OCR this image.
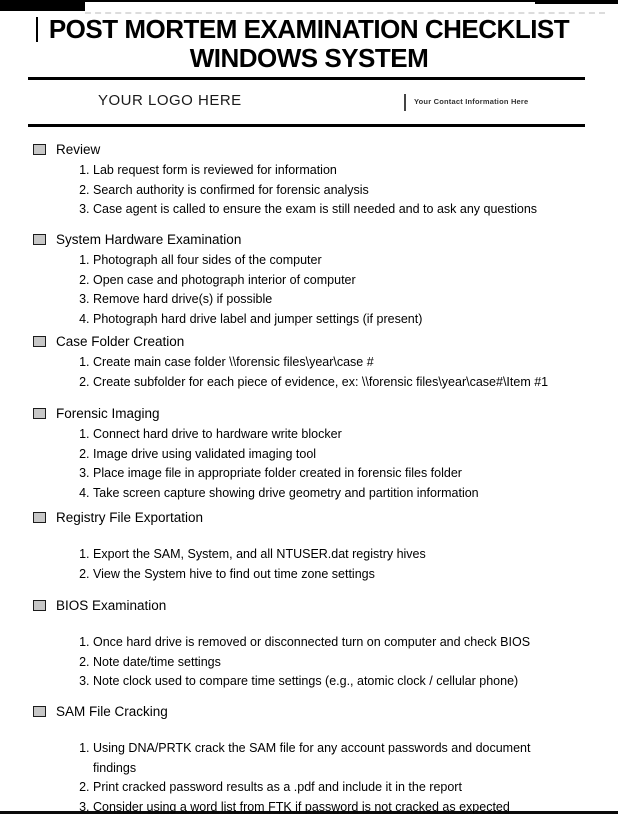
POST MORTEM EXAMINATION CHECKLIST
WINDOWS SYSTEM
YOUR LOGO HERE	Your Contact Information Here
Review
1. Lab request form is reviewed for information
2. Search authority is confirmed for forensic analysis
3. Case agent is called to ensure the exam is still needed and to ask any questions
System Hardware Examination
1. Photograph all four sides of the computer
2. Open case and photograph interior of computer
3. Remove hard drive(s) if possible
4. Photograph hard drive label and jumper settings (if present)
Case Folder Creation
1. Create main case folder \\forensic files\year\case #
2. Create subfolder for each piece of evidence, ex: \\forensic files\year\case#\Item #1
Forensic Imaging
1. Connect hard drive to hardware write blocker
2. Image drive using validated imaging tool
3. Place image file in appropriate folder created in forensic files folder
4. Take screen capture showing drive geometry and partition information
Registry File Exportation
1. Export the SAM, System, and all NTUSER.dat registry hives
2. View the System hive to find out time zone settings
BIOS Examination
1. Once hard drive is removed or disconnected turn on computer and check BIOS
2. Note date/time settings
3. Note clock used to compare time settings (e.g., atomic clock / cellular phone)
SAM File Cracking
1. Using DNA/PRTK crack the SAM file for any account passwords and document findings
2. Print cracked password results as a .pdf and include it in the report
3. Consider using a word list from FTK if password is not cracked as expected
